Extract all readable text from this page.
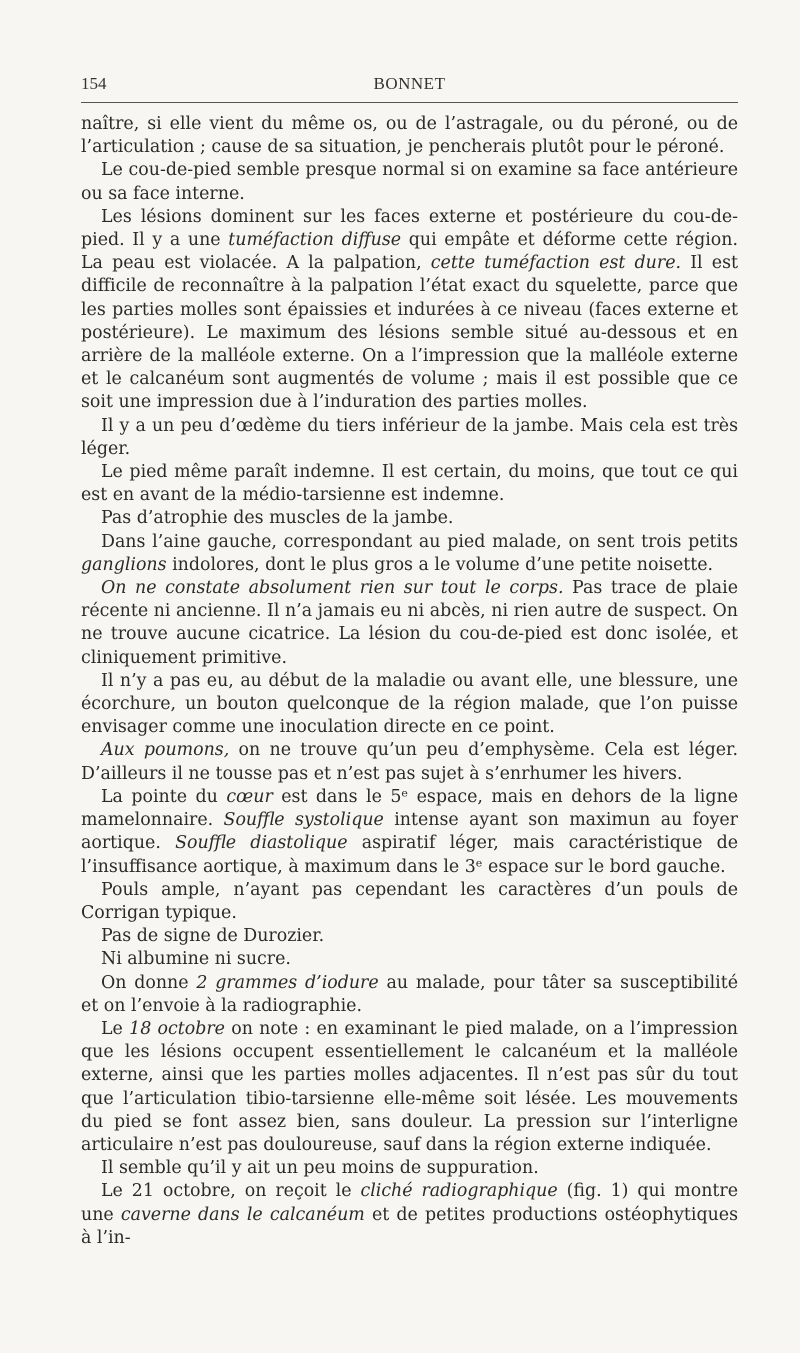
154	BONNET

naître, si elle vient du même os, ou de l’astragale, ou du péroné, ou de l’articulation ; cause de sa situation, je pencherais plutôt pour le péroné.

Le cou-de-pied semble presque normal si on examine sa face antérieure ou sa face interne.

Les lésions dominent sur les faces externe et postérieure du cou-de-pied. Il y a une tuméfaction diffuse qui empâte et déforme cette région. La peau est violacée. A la palpation, cette tuméfaction est dure. Il est difficile de reconnaître à la palpation l’état exact du squelette, parce que les parties molles sont épaissies et indurées à ce niveau (faces externe et postérieure). Le maximum des lésions semble situé au-dessous et en arrière de la malléole externe. On a l’impression que la malléole externe et le calcanéum sont augmentés de volume ; mais il est possible que ce soit une impression due à l’induration des parties molles.

Il y a un peu d’œdème du tiers inférieur de la jambe. Mais cela est très léger.

Le pied même paraît indemne. Il est certain, du moins, que tout ce qui est en avant de la médio-tarsienne est indemne.

Pas d’atrophie des muscles de la jambe.

Dans l’aine gauche, correspondant au pied malade, on sent trois petits ganglions indolores, dont le plus gros a le volume d’une petite noisette.

On ne constate absolument rien sur tout le corps. Pas trace de plaie récente ni ancienne. Il n’a jamais eu ni abcès, ni rien autre de suspect. On ne trouve aucune cicatrice. La lésion du cou-de-pied est donc isolée, et cliniquement primitive.

Il n’y a pas eu, au début de la maladie ou avant elle, une blessure, une écorchure, un bouton quelconque de la région malade, que l’on puisse envisager comme une inoculation directe en ce point.

Aux poumons, on ne trouve qu’un peu d’emphysème. Cela est léger. D’ailleurs il ne tousse pas et n’est pas sujet à s’enrhumer les hivers.

La pointe du cœur est dans le 5ᵉ espace, mais en dehors de la ligne mamelonnaire. Souffle systolique intense ayant son maximun au foyer aortique. Souffle diastolique aspiratif léger, mais caractéristique de l’insuffisance aortique, à maximum dans le 3ᵉ espace sur le bord gauche.

Pouls ample, n’ayant pas cependant les caractères d’un pouls de Corrigan typique.

Pas de signe de Durozier.

Ni albumine ni sucre.

On donne 2 grammes d’iodure au malade, pour tâter sa susceptibilité et on l’envoie à la radiographie.

Le 18 octobre on note : en examinant le pied malade, on a l’impression que les lésions occupent essentiellement le calcanéum et la malléole externe, ainsi que les parties molles adjacentes. Il n’est pas sûr du tout que l’articulation tibio-tarsienne elle-même soit lésée. Les mouvements du pied se font assez bien, sans douleur. La pression sur l’interligne articulaire n’est pas douloureuse, sauf dans la région externe indiquée.

Il semble qu’il y ait un peu moins de suppuration.

Le 21 octobre, on reçoit le cliché radiographique (fig. 1) qui montre une caverne dans le calcanéum et de petites productions ostéophytiques à l’in-
